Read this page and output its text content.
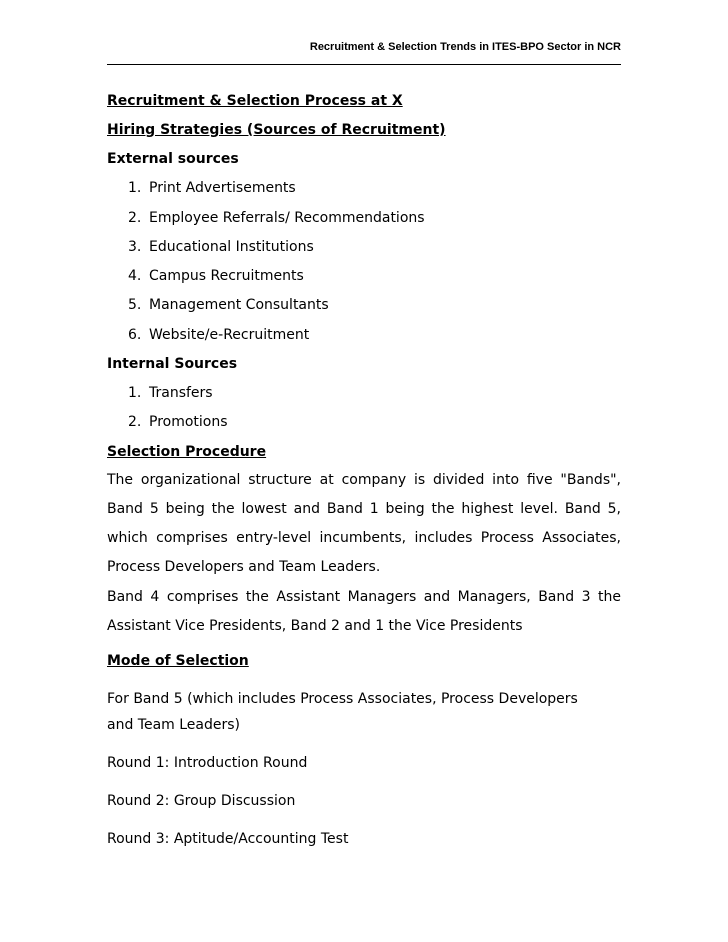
Recruitment & Selection Trends in ITES-BPO Sector in NCR
Recruitment & Selection Process at X
Hiring Strategies (Sources of Recruitment)
External sources
1. Print Advertisements
2. Employee Referrals/ Recommendations
3. Educational Institutions
4. Campus Recruitments
5. Management Consultants
6. Website/e-Recruitment
Internal Sources
1. Transfers
2. Promotions
Selection Procedure
The organizational structure at company is divided into five "Bands",
Band 5 being the lowest and Band 1 being the highest level. Band 5,
which comprises entry-level incumbents, includes Process Associates,
Process Developers and Team Leaders.
Band 4 comprises the Assistant Managers and Managers, Band 3 the
Assistant Vice Presidents, Band 2 and 1 the Vice Presidents
Mode of Selection
For Band 5 (which includes Process Associates, Process Developers
and Team Leaders)
Round 1: Introduction Round
Round 2: Group Discussion
Round 3: Aptitude/Accounting Test
